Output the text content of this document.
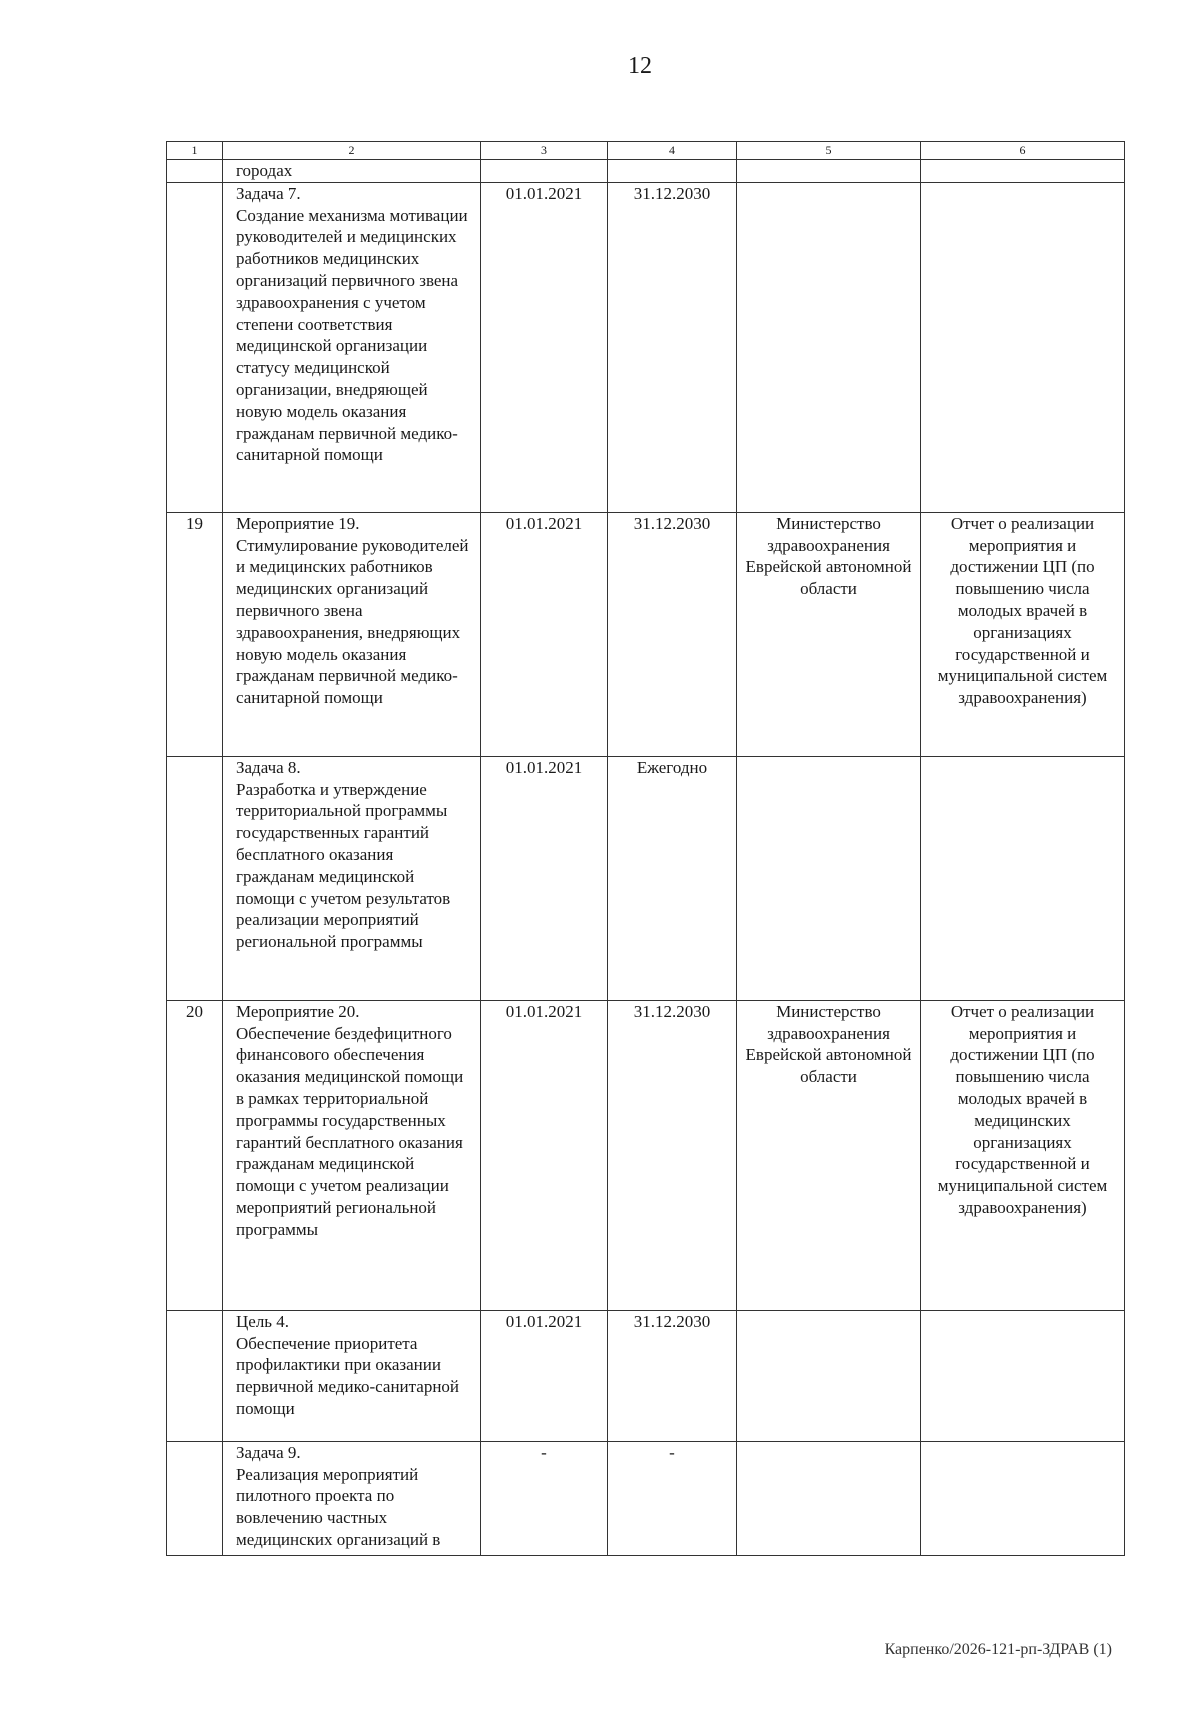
12
1	2	3	4	5	6
	городах				
	Задача 7.
Создание механизма мотивации руководителей и медицинских работников медицинских организаций первичного звена здравоохранения с учетом степени соответствия медицинской организации статусу медицинской организации, внедряющей новую модель оказания гражданам первичной медико-санитарной помощи	01.01.2021	31.12.2030		
19	Мероприятие 19.
Стимулирование руководителей и медицинских работников медицинских организаций первичного звена здравоохранения, внедряющих новую модель оказания гражданам первичной медико-санитарной помощи	01.01.2021	31.12.2030	Министерство здравоохранения Еврейской автономной области	Отчет о реализации мероприятия и достижении ЦП (по повышению числа молодых врачей в организациях государственной и муниципальной систем здравоохранения)
	Задача 8.
Разработка и утверждение территориальной программы государственных гарантий бесплатного оказания гражданам медицинской помощи с учетом результатов реализации мероприятий региональной программы	01.01.2021	Ежегодно		
20	Мероприятие 20.
Обеспечение бездефицитного финансового обеспечения оказания медицинской помощи в рамках территориальной программы государственных гарантий бесплатного оказания гражданам медицинской помощи с учетом реализации мероприятий региональной программы	01.01.2021	31.12.2030	Министерство здравоохранения Еврейской автономной области	Отчет о реализации мероприятия и достижении ЦП (по повышению числа молодых врачей в медицинских организациях государственной и муниципальной систем здравоохранения)
	Цель 4.
Обеспечение приоритета профилактики при оказании первичной медико-санитарной помощи	01.01.2021	31.12.2030		
	Задача 9.
Реализация мероприятий пилотного проекта по вовлечению частных медицинских организаций в	-	-		
Карпенко/2026-121-рп-ЗДРАВ (1)
